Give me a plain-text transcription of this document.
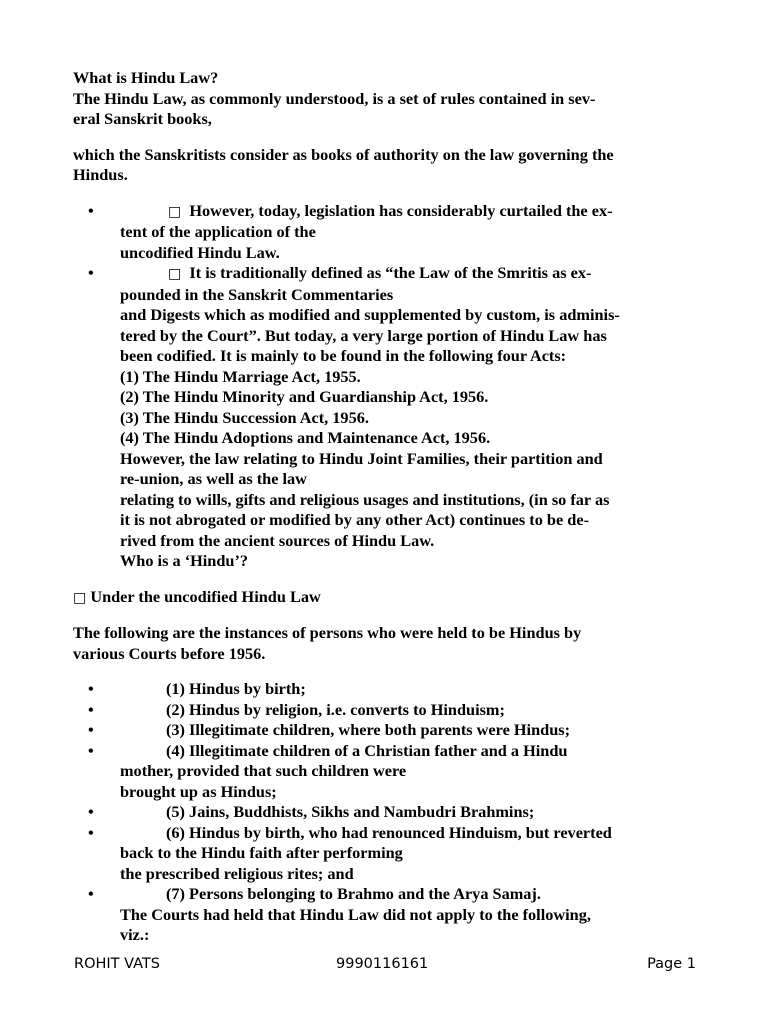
What is Hindu Law?
The Hindu Law, as commonly understood, is a set of rules contained in sev-
eral Sanskrit books,
which the Sanskritists consider as books of authority on the law governing the
Hindus.
•	□ However, today, legislation has considerably curtailed the ex-
tent of the application of the
uncodified Hindu Law.
•	□ It is traditionally defined as “the Law of the Smritis as ex-
pounded in the Sanskrit Commentaries
and Digests which as modified and supplemented by custom, is adminis-
tered by the Court”. But today, a very large portion of Hindu Law has
been codified. It is mainly to be found in the following four Acts:
(1) The Hindu Marriage Act, 1955.
(2) The Hindu Minority and Guardianship Act, 1956.
(3) The Hindu Succession Act, 1956.
(4) The Hindu Adoptions and Maintenance Act, 1956.
However, the law relating to Hindu Joint Families, their partition and
re-union, as well as the law
relating to wills, gifts and religious usages and institutions, (in so far as
it is not abrogated or modified by any other Act) continues to be de-
rived from the ancient sources of Hindu Law.
Who is a ‘Hindu’?
□ Under the uncodified Hindu Law
The following are the instances of persons who were held to be Hindus by
various Courts before 1956.
•	(1) Hindus by birth;
•	(2) Hindus by religion, i.e. converts to Hinduism;
•	(3) Illegitimate children, where both parents were Hindus;
•	(4) Illegitimate children of a Christian father and a Hindu
mother, provided that such children were
brought up as Hindus;
•	(5) Jains, Buddhists, Sikhs and Nambudri Brahmins;
•	(6) Hindus by birth, who had renounced Hinduism, but reverted
back to the Hindu faith after performing
the prescribed religious rites; and
•	(7) Persons belonging to Brahmo and the Arya Samaj.
The Courts had held that Hindu Law did not apply to the following,
viz.:
ROHIT VATS	9990116161	Page 1
